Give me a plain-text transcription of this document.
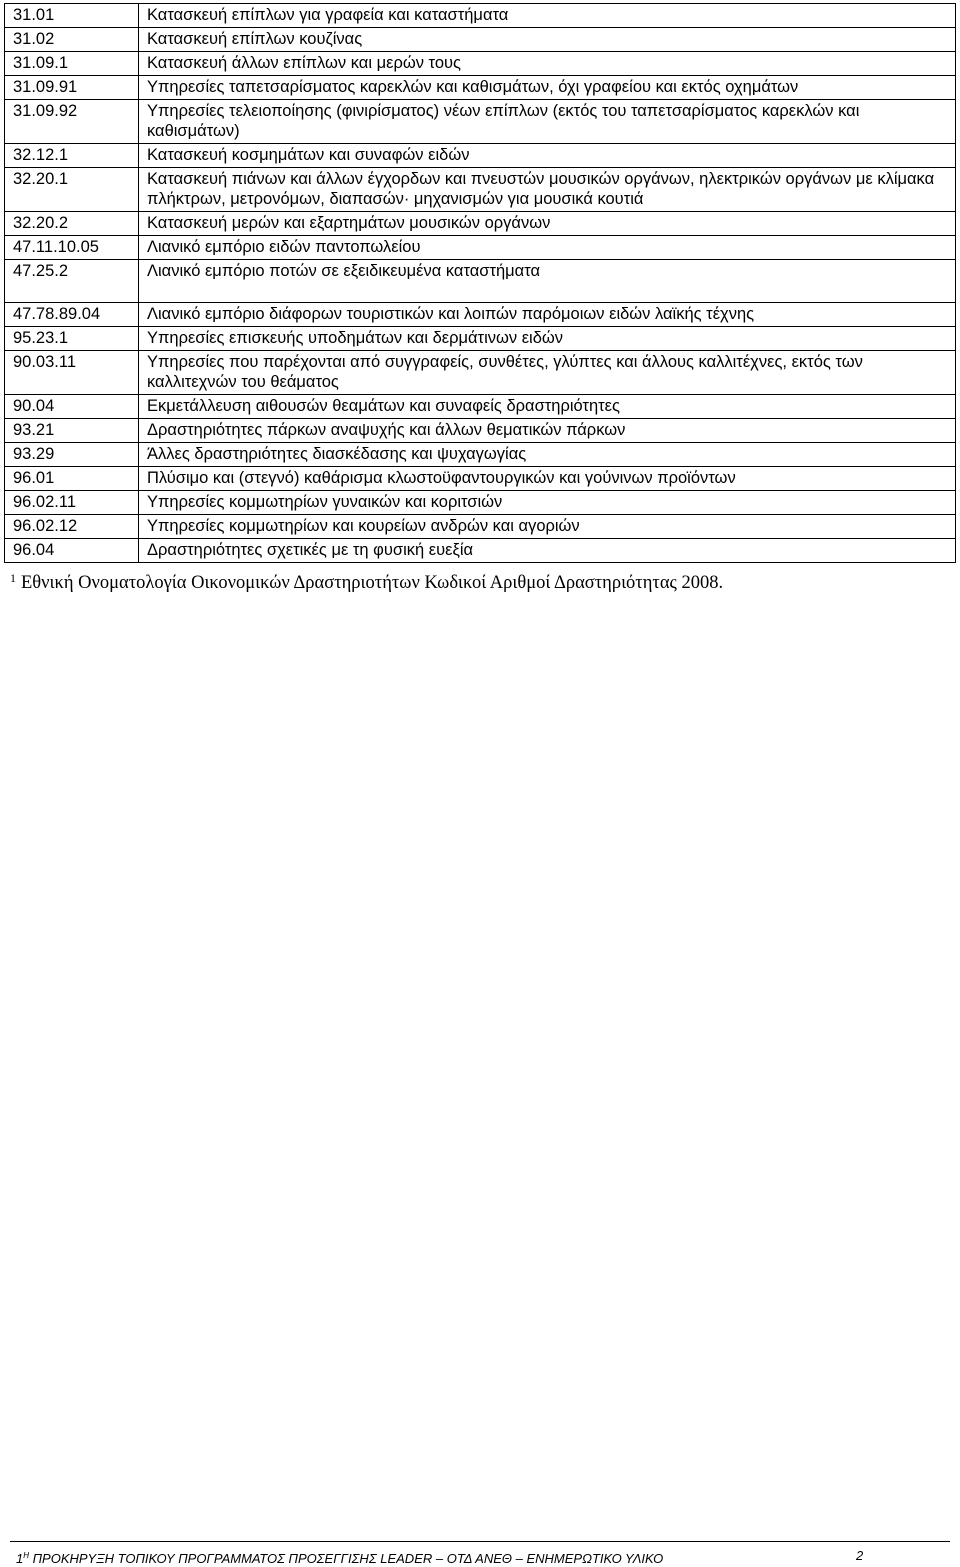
31.01	Κατασκευή επίπλων για γραφεία και καταστήματα
31.02	Κατασκευή επίπλων κουζίνας
31.09.1	Κατασκευή άλλων επίπλων και μερών τους
31.09.91	Υπηρεσίες ταπετσαρίσματος καρεκλών και καθισμάτων, όχι γραφείου και εκτός οχημάτων
31.09.92	Υπηρεσίες τελειοποίησης (φινιρίσματος) νέων επίπλων (εκτός του ταπετσαρίσματος καρεκλών και καθισμάτων)
32.12.1	Κατασκευή κοσμημάτων και συναφών ειδών
32.20.1	Κατασκευή πιάνων και άλλων έγχορδων και πνευστών μουσικών οργάνων, ηλεκτρικών οργάνων με κλίμακα πλήκτρων, μετρονόμων, διαπασών· μηχανισμών για μουσικά κουτιά
32.20.2	Κατασκευή μερών και εξαρτημάτων μουσικών οργάνων
47.11.10.05	Λιανικό εμπόριο ειδών παντοπωλείου
47.25.2	Λιανικό εμπόριο ποτών σε εξειδικευμένα καταστήματα
47.78.89.04	Λιανικό εμπόριο διάφορων τουριστικών και λοιπών παρόμοιων ειδών λαϊκής τέχνης
95.23.1	Υπηρεσίες επισκευής υποδημάτων και δερμάτινων ειδών
90.03.11	Υπηρεσίες που παρέχονται από συγγραφείς, συνθέτες, γλύπτες και άλλους καλλιτέχνες, εκτός των καλλιτεχνών του θεάματος
90.04	Εκμετάλλευση αιθουσών θεαμάτων και συναφείς δραστηριότητες
93.21	Δραστηριότητες πάρκων αναψυχής και άλλων θεματικών πάρκων
93.29	Άλλες δραστηριότητες διασκέδασης και ψυχαγωγίας
96.01	Πλύσιμο και (στεγνό) καθάρισμα κλωστοϋφαντουργικών και γούνινων προϊόντων
96.02.11	Υπηρεσίες κομμωτηρίων γυναικών και κοριτσιών
96.02.12	Υπηρεσίες κομμωτηρίων και κουρείων ανδρών και αγοριών
96.04	Δραστηριότητες σχετικές με τη φυσική ευεξία
$^1$ Εθνική Ονοματολογία Οικονομικών Δραστηριοτήτων Κωδικοί Αριθμοί Δραστηριότητας 2008.
$1^H$ ΠΡΟΚΗΡΥΞΗ ΤΟΠΙΚΟΥ ΠΡΟΓΡΑΜΜΑΤΟΣ ΠΡΟΣΕΓΓΙΣΗΣ LEADER – ΟΤΔ ΑΝΕΘ – ΕΝΗΜΕΡΩΤΙΚΟ ΥΛΙΚΟ	2
